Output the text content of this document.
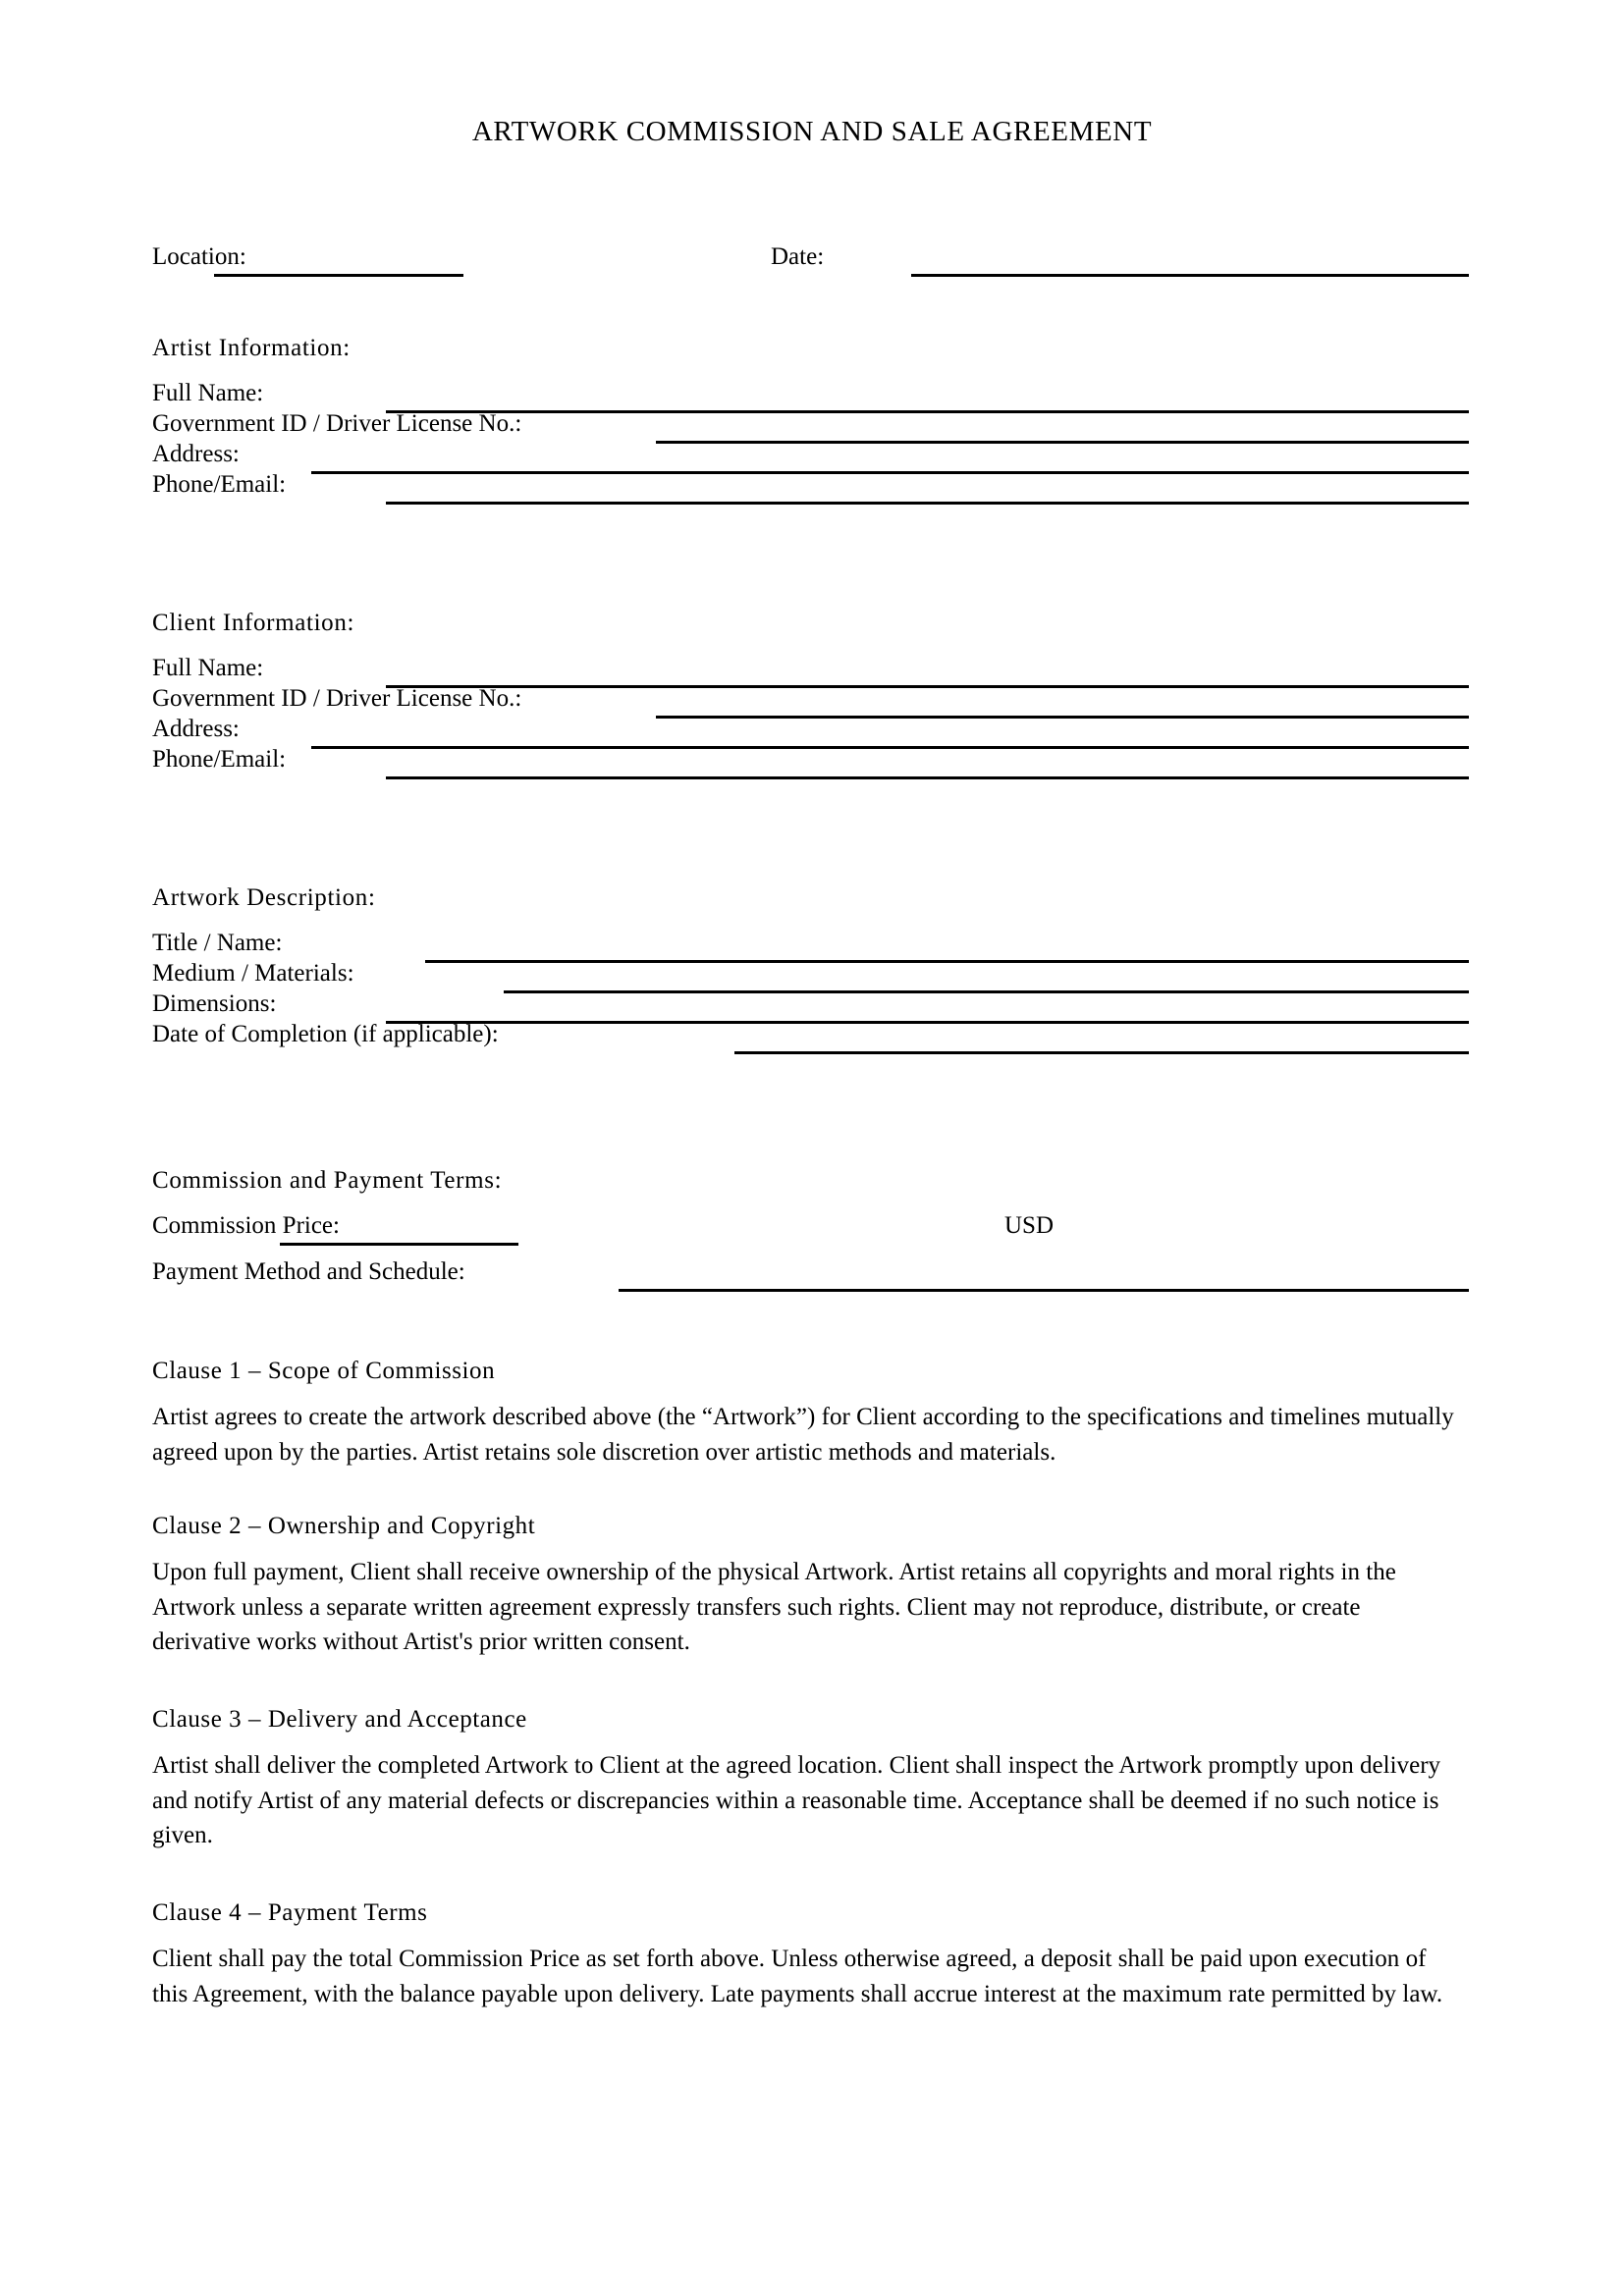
ARTWORK COMMISSION AND SALE AGREEMENT
Location:	Date:
Artist Information:
Full Name:
Government ID / Driver License No.:
Address:
Phone/Email:
Client Information:
Full Name:
Government ID / Driver License No.:
Address:
Phone/Email:
Artwork Description:
Title / Name:
Medium / Materials:
Dimensions:
Date of Completion (if applicable):
Commission and Payment Terms:
Commission Price:	USD
Payment Method and Schedule:
Clause 1 – Scope of Commission
Artist agrees to create the artwork described above (the “Artwork”) for Client according to the specifications and timelines mutually agreed upon by the parties. Artist retains sole discretion over artistic methods and materials.
Clause 2 – Ownership and Copyright
Upon full payment, Client shall receive ownership of the physical Artwork. Artist retains all copyrights and moral rights in the Artwork unless a separate written agreement expressly transfers such rights. Client may not reproduce, distribute, or create derivative works without Artist's prior written consent.
Clause 3 – Delivery and Acceptance
Artist shall deliver the completed Artwork to Client at the agreed location. Client shall inspect the Artwork promptly upon delivery and notify Artist of any material defects or discrepancies within a reasonable time. Acceptance shall be deemed if no such notice is given.
Clause 4 – Payment Terms
Client shall pay the total Commission Price as set forth above. Unless otherwise agreed, a deposit shall be paid upon execution of this Agreement, with the balance payable upon delivery. Late payments shall accrue interest at the maximum rate permitted by law.
